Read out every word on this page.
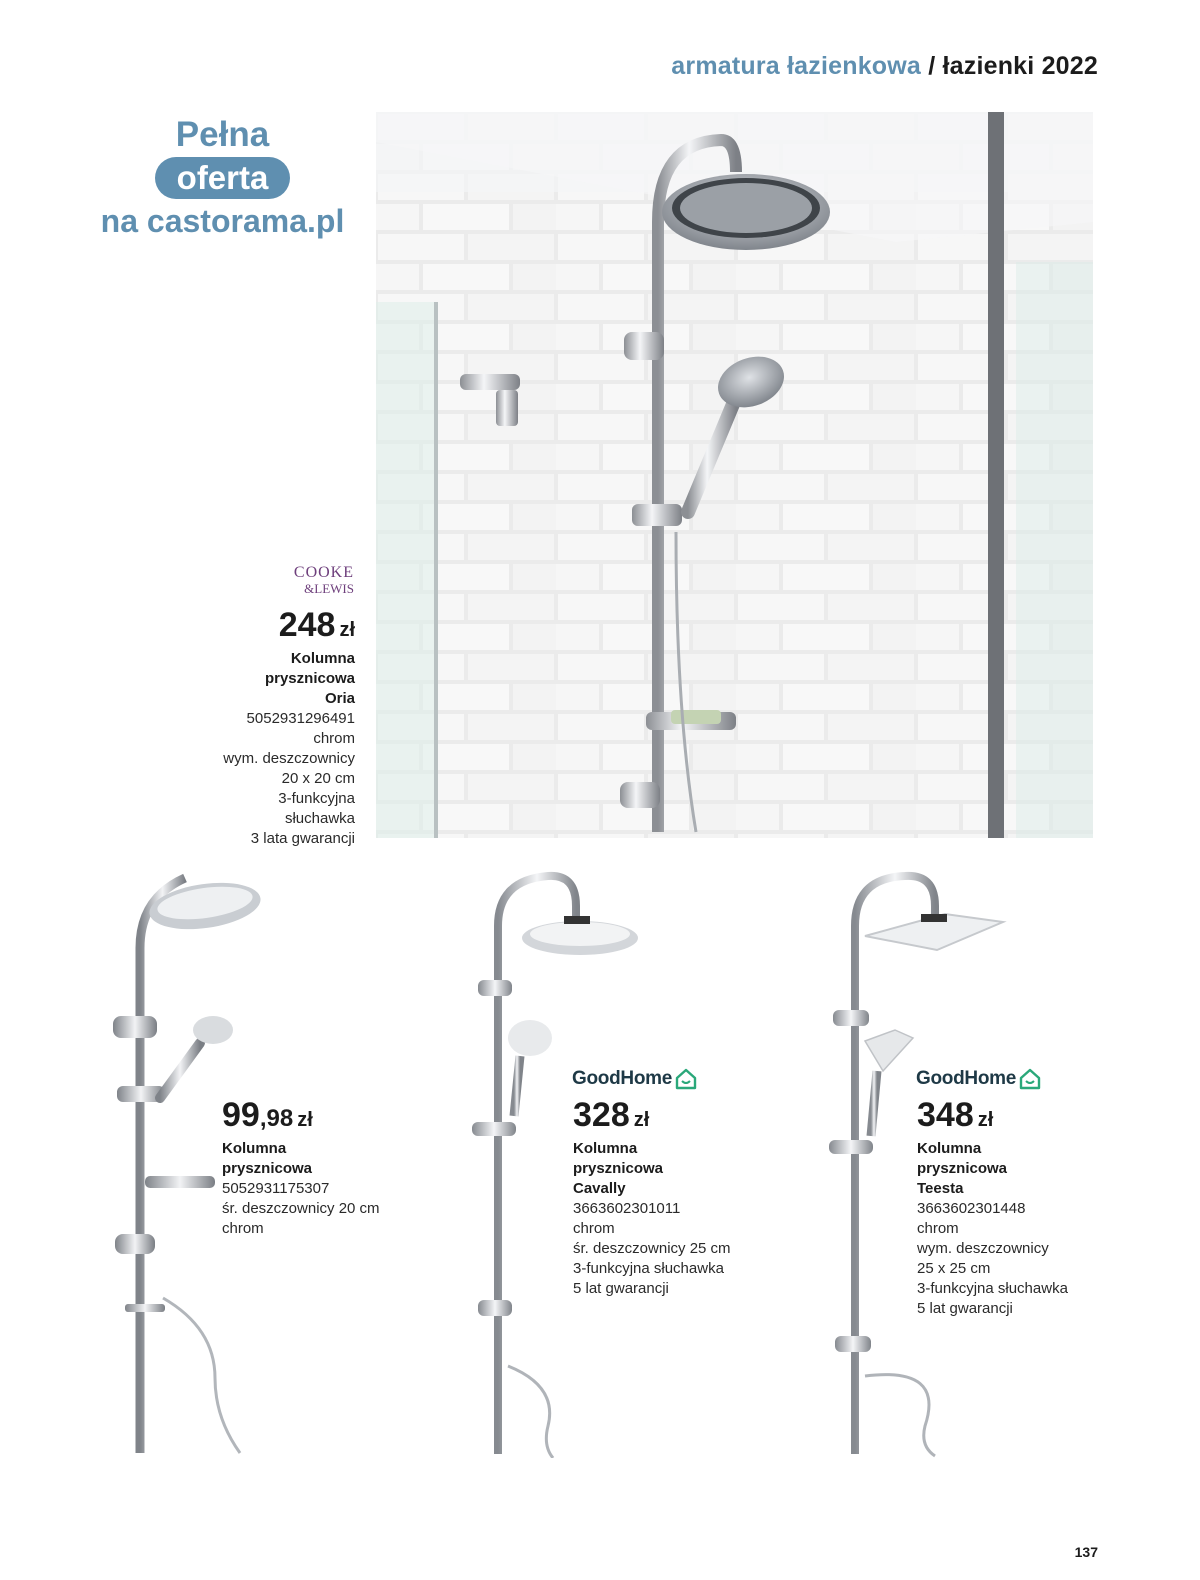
armatura łazienkowa / łazienki 2022
Pełna
oferta
na castorama.pl
COOKE
&LEWIS
248 zł
Kolumna
prysznicowa
Oria
5052931296491
chrom
wym. deszczownicy
20 x 20 cm
3-funkcyjna
słuchawka
3 lata gwarancji
99,98 zł
Kolumna
prysznicowa
5052931175307
śr. deszczownicy 20 cm
chrom
GoodHome
328 zł
Kolumna
prysznicowa
Cavally
3663602301011
chrom
śr. deszczownicy 25 cm
3-funkcyjna słuchawka
5 lat gwarancji
GoodHome
348 zł
Kolumna
prysznicowa
Teesta
3663602301448
chrom
wym. deszczownicy
25 x 25 cm
3-funkcyjna słuchawka
5 lat gwarancji
137
